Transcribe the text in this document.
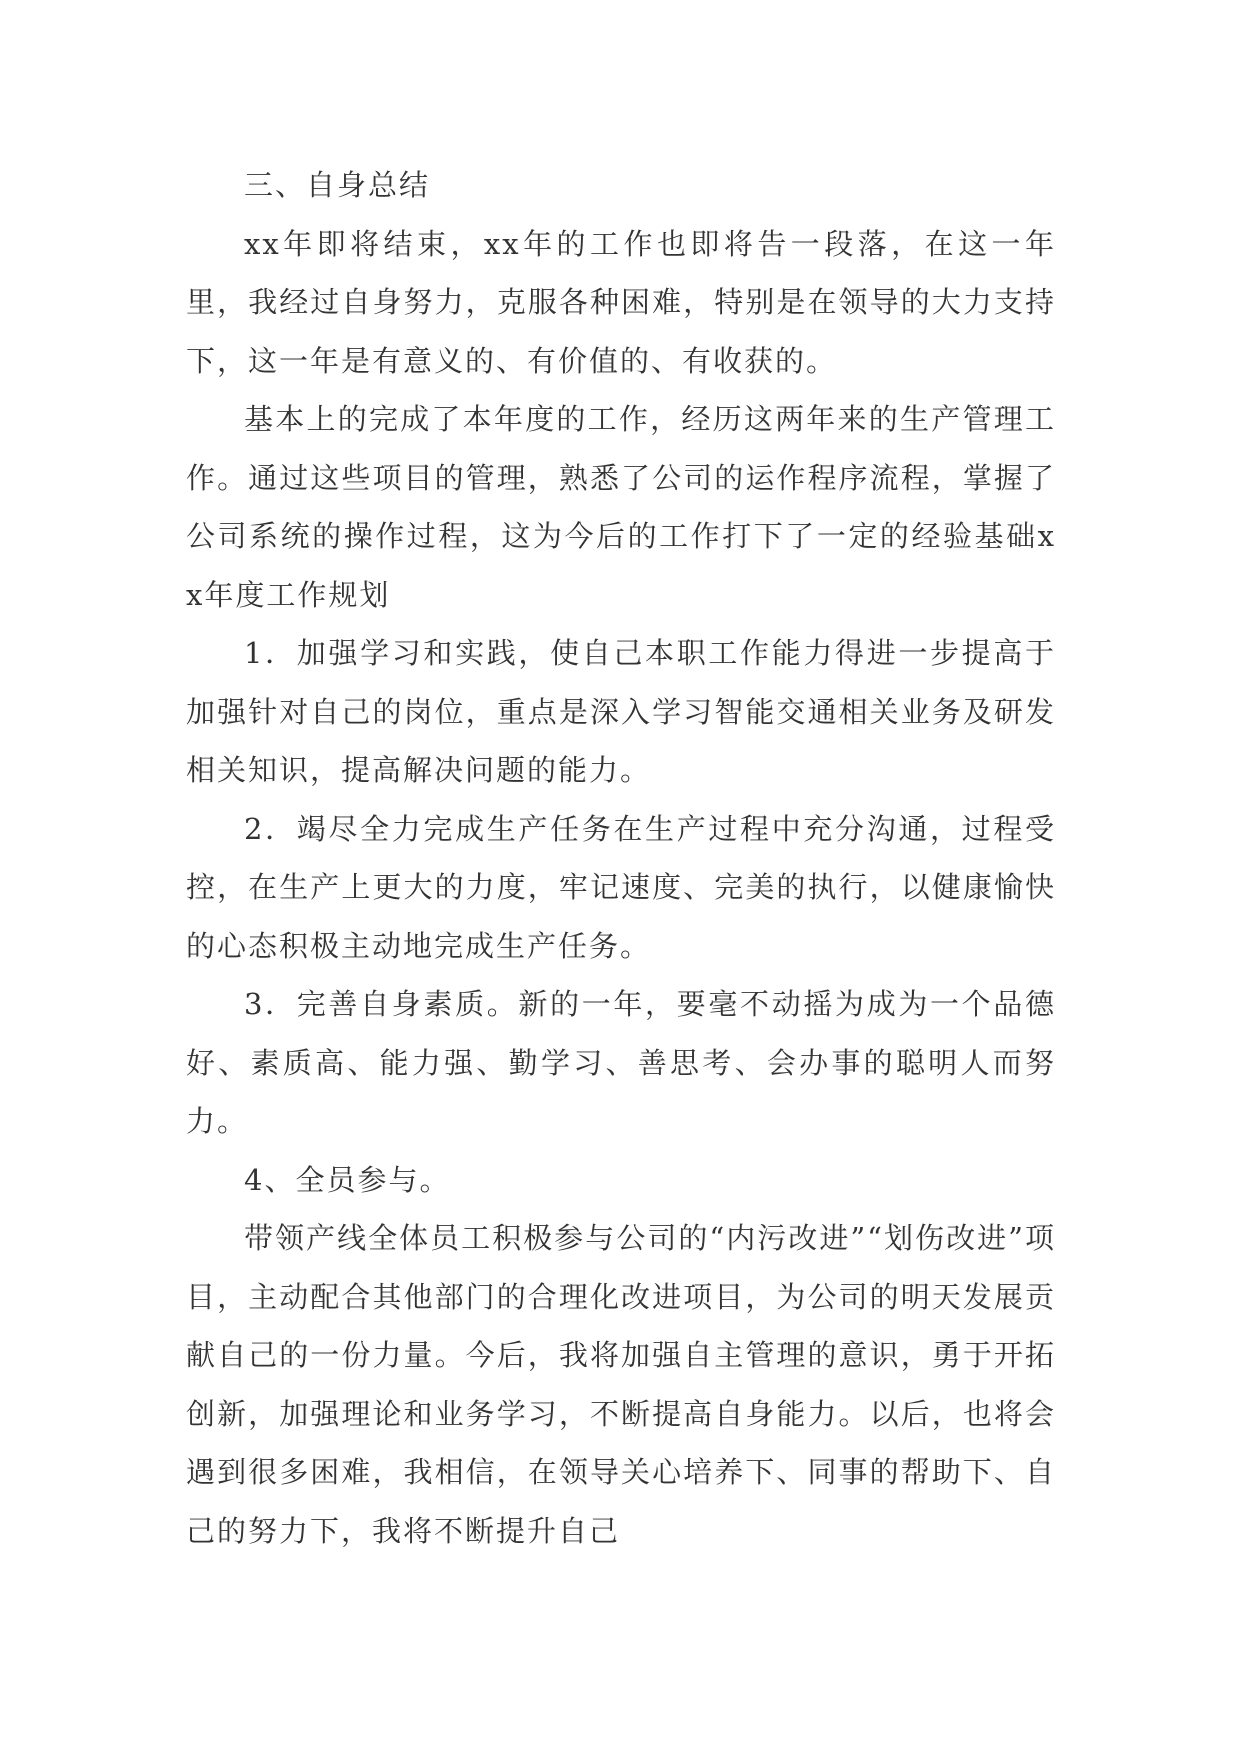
三、自身总结

xx年即将结束，xx年的工作也即将告一段落，在这一年里，我经过自身努力，克服各种困难，特别是在领导的大力支持下，这一年是有意义的、有价值的、有收获的。

基本上的完成了本年度的工作，经历这两年来的生产管理工作。通过这些项目的管理，熟悉了公司的运作程序流程，掌握了公司系统的操作过程，这为今后的工作打下了一定的经验基础xx年度工作规划

1．加强学习和实践，使自己本职工作能力得进一步提高于加强针对自己的岗位，重点是深入学习智能交通相关业务及研发相关知识，提高解决问题的能力。

2．竭尽全力完成生产任务在生产过程中充分沟通，过程受控，在生产上更大的力度，牢记速度、完美的执行，以健康愉快的心态积极主动地完成生产任务。

3．完善自身素质。新的一年，要毫不动摇为成为一个品德好、素质高、能力强、勤学习、善思考、会办事的聪明人而努力。

4、全员参与。

带领产线全体员工积极参与公司的“内污改进”“划伤改进”项目，主动配合其他部门的合理化改进项目，为公司的明天发展贡献自己的一份力量。今后，我将加强自主管理的意识，勇于开拓创新，加强理论和业务学习，不断提高自身能力。以后，也将会遇到很多困难，我相信，在领导关心培养下、同事的帮助下、自己的努力下，我将不断提升自己
